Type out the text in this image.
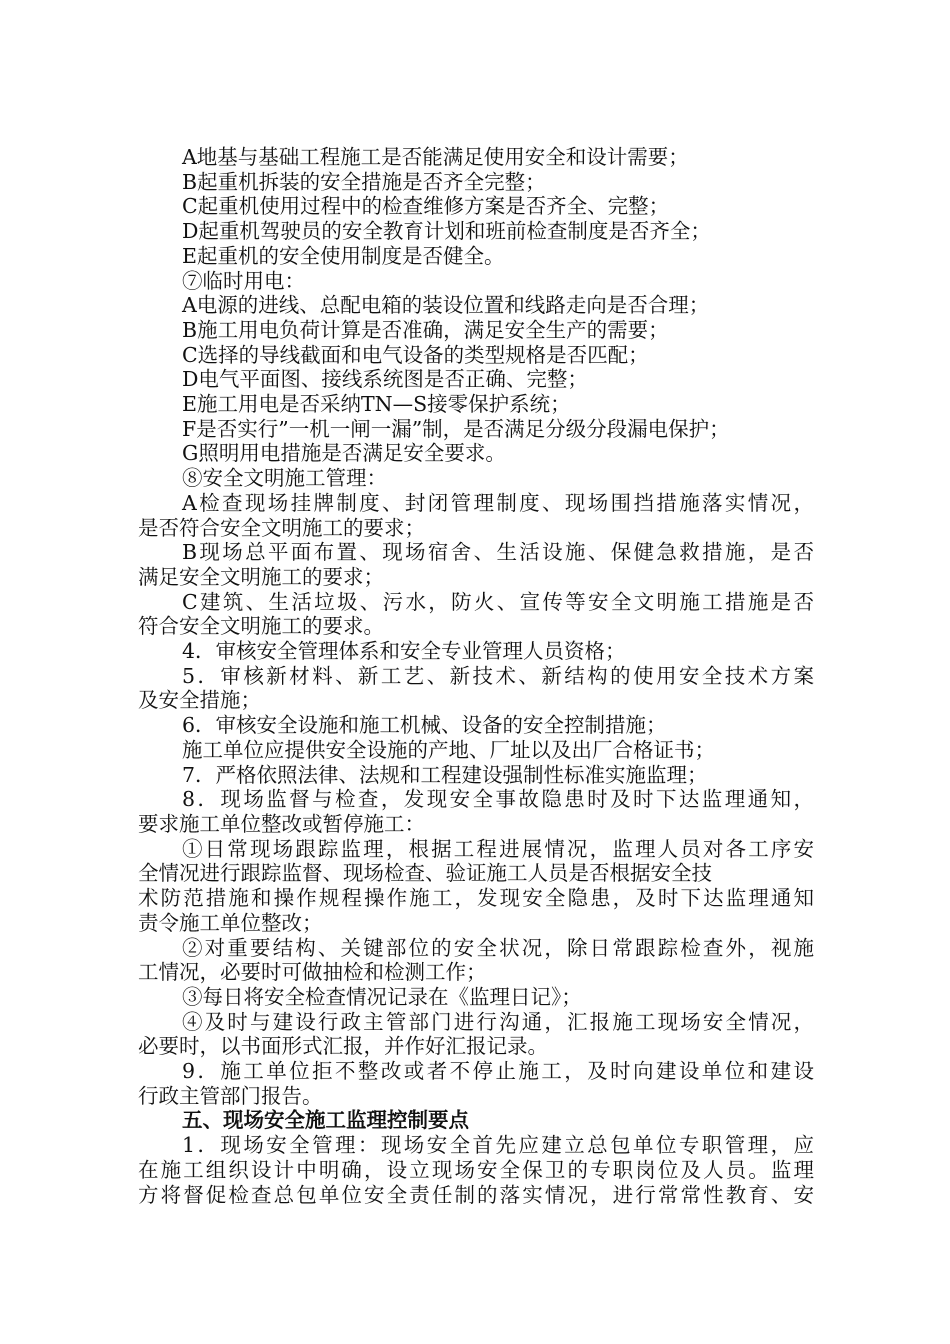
A地基与基础工程施工是否能满足使用安全和设计需要；

B起重机拆装的安全措施是否齐全完整；

C起重机使用过程中的检查维修方案是否齐全、完整；

D起重机驾驶员的安全教育计划和班前检查制度是否齐全；

E起重机的安全使用制度是否健全。

⑦临时用电：

A电源的进线、总配电箱的装设位置和线路走向是否合理；

B施工用电负荷计算是否准确，满足安全生产的需要；

C选择的导线截面和电气设备的类型规格是否匹配；

D电气平面图、接线系统图是否正确、完整；

E施工用电是否采纳TN—S接零保护系统；

F是否实行”一机一闸一漏”制，是否满足分级分段漏电保护；

G照明用电措施是否满足安全要求。

⑧安全文明施工管理：

A检查现场挂牌制度、封闭管理制度、现场围挡措施落实情况，

是否符合安全文明施工的要求；

B现场总平面布置、现场宿舍、生活设施、保健急救措施，是否

满足安全文明施工的要求；

C建筑、生活垃圾、污水，防火、宣传等安全文明施工措施是否

符合安全文明施工的要求。

4．审核安全管理体系和安全专业管理人员资格；

5．审核新材料、新工艺、新技术、新结构的使用安全技术方案

及安全措施；

6．审核安全设施和施工机械、设备的安全控制措施；

施工单位应提供安全设施的产地、厂址以及出厂合格证书；

7．严格依照法律、法规和工程建设强制性标准实施监理；

8．现场监督与检查，发现安全事故隐患时及时下达监理通知，

要求施工单位整改或暂停施工：

①日常现场跟踪监理，根据工程进展情况，监理人员对各工序安

全情况进行跟踪监督、现场检查、验证施工人员是否根据安全技

术防范措施和操作规程操作施工，发现安全隐患，及时下达监理通知

责令施工单位整改；

②对重要结构、关键部位的安全状况，除日常跟踪检查外，视施

工情况，必要时可做抽检和检测工作；

③每日将安全检查情况记录在《监理日记》；

④及时与建设行政主管部门进行沟通，汇报施工现场安全情况，

必要时，以书面形式汇报，并作好汇报记录。

9．施工单位拒不整改或者不停止施工，及时向建设单位和建设

行政主管部门报告。

五、现场安全施工监理控制要点

1．现场安全管理：现场安全首先应建立总包单位专职管理，应

在施工组织设计中明确，设立现场安全保卫的专职岗位及人员。监理

方将督促检查总包单位安全责任制的落实情况，进行常常性教育、安
